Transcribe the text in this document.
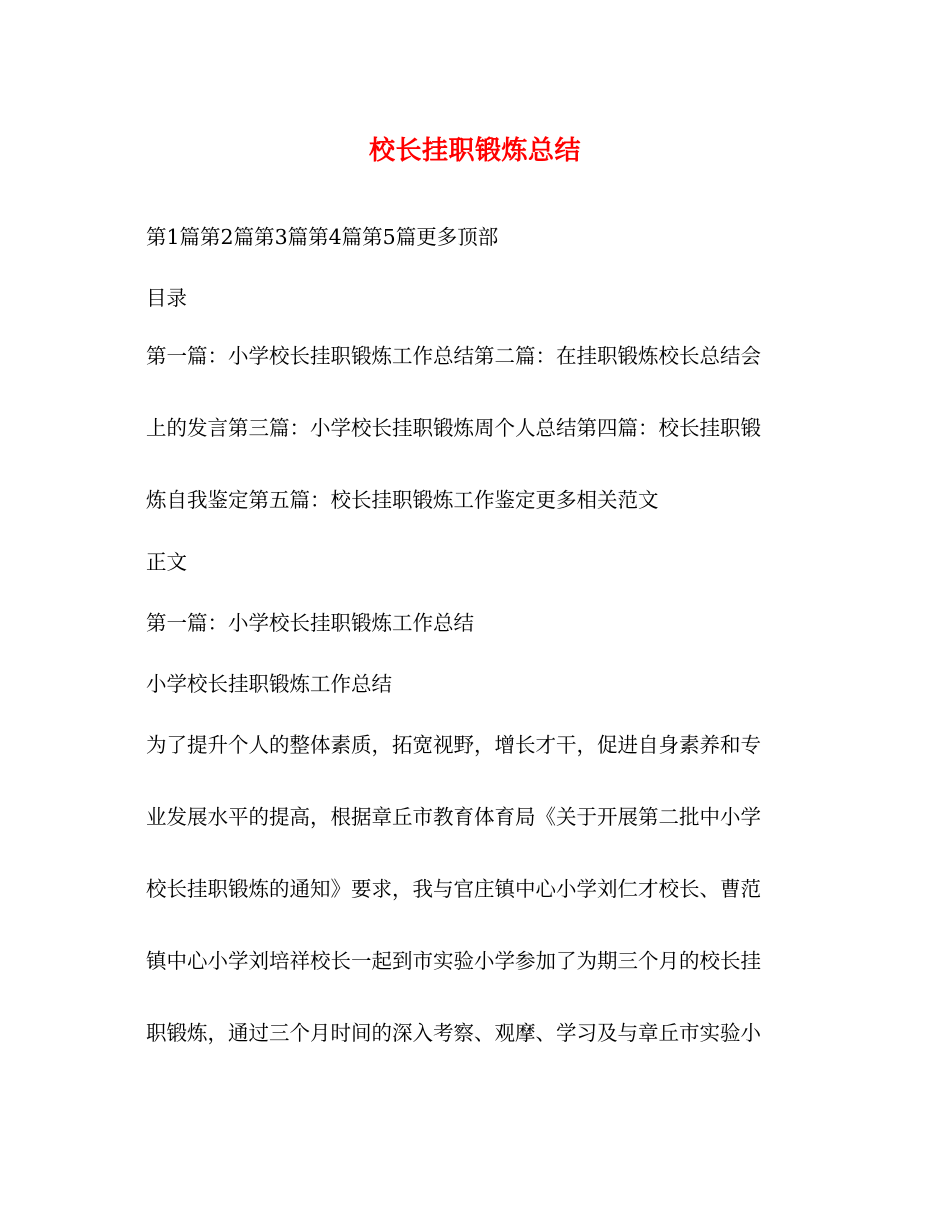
校长挂职锻炼总结
第1篇第2篇第3篇第4篇第5篇更多顶部
目录
第一篇：小学校长挂职锻炼工作总结第二篇：在挂职锻炼校长总结会
上的发言第三篇：小学校长挂职锻炼周个人总结第四篇：校长挂职锻
炼自我鉴定第五篇：校长挂职锻炼工作鉴定更多相关范文
正文
第一篇：小学校长挂职锻炼工作总结
小学校长挂职锻炼工作总结
为了提升个人的整体素质，拓宽视野，增长才干，促进自身素养和专
业发展水平的提高，根据章丘市教育体育局《关于开展第二批中小学
校长挂职锻炼的通知》要求，我与官庄镇中心小学刘仁才校长、曹范
镇中心小学刘培祥校长一起到市实验小学参加了为期三个月的校长挂
职锻炼，通过三个月时间的深入考察、观摩、学习及与章丘市实验小
